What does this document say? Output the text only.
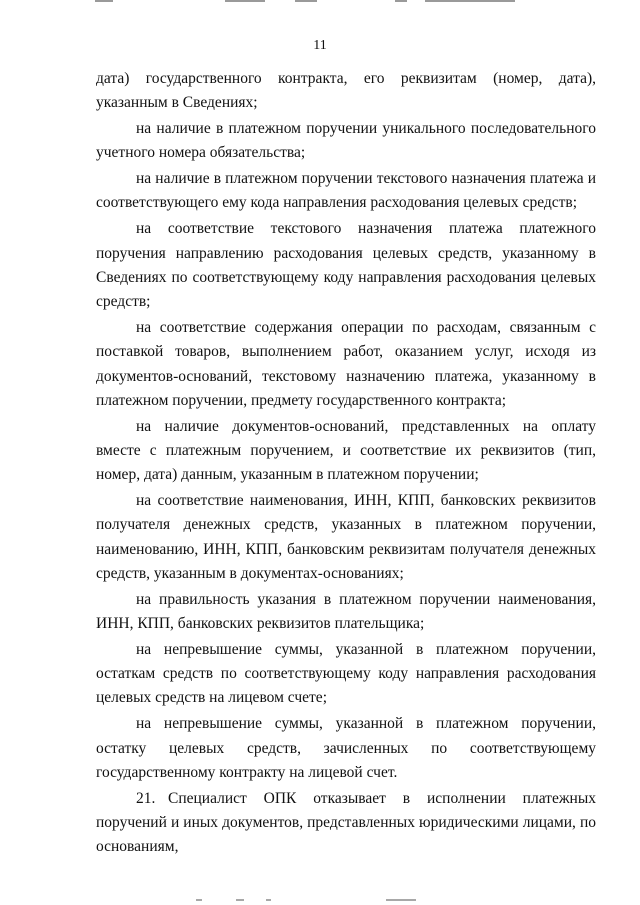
11

дата) государственного контракта, его реквизитам (номер, дата), указанным в Сведениях;

на наличие в платежном поручении уникального последовательного учетного номера обязательства;

на наличие в платежном поручении текстового назначения платежа и соответствующего ему кода направления расходования целевых средств;

на соответствие текстового назначения платежа платежного поручения направлению расходования целевых средств, указанному в Сведениях по соответствующему коду направления расходования целевых средств;

на соответствие содержания операции по расходам, связанным с поставкой товаров, выполнением работ, оказанием услуг, исходя из документов-оснований, текстовому назначению платежа, указанному в платежном поручении, предмету государственного контракта;

на наличие документов-оснований, представленных на оплату вместе с платежным поручением, и соответствие их реквизитов (тип, номер, дата) данным, указанным в платежном поручении;

на соответствие наименования, ИНН, КПП, банковских реквизитов получателя денежных средств, указанных в платежном поручении, наименованию, ИНН, КПП, банковским реквизитам получателя денежных средств, указанным в документах-основаниях;

на правильность указания в платежном поручении наименования, ИНН, КПП, банковских реквизитов плательщика;

на непревышение суммы, указанной в платежном поручении, остаткам средств по соответствующему коду направления расходования целевых средств на лицевом счете;

на непревышение суммы, указанной в платежном поручении, остатку целевых средств, зачисленных по соответствующему государственному контракту на лицевой счет.

21. Специалист ОПК отказывает в исполнении платежных поручений и иных документов, представленных юридическими лицами, по основаниям,
